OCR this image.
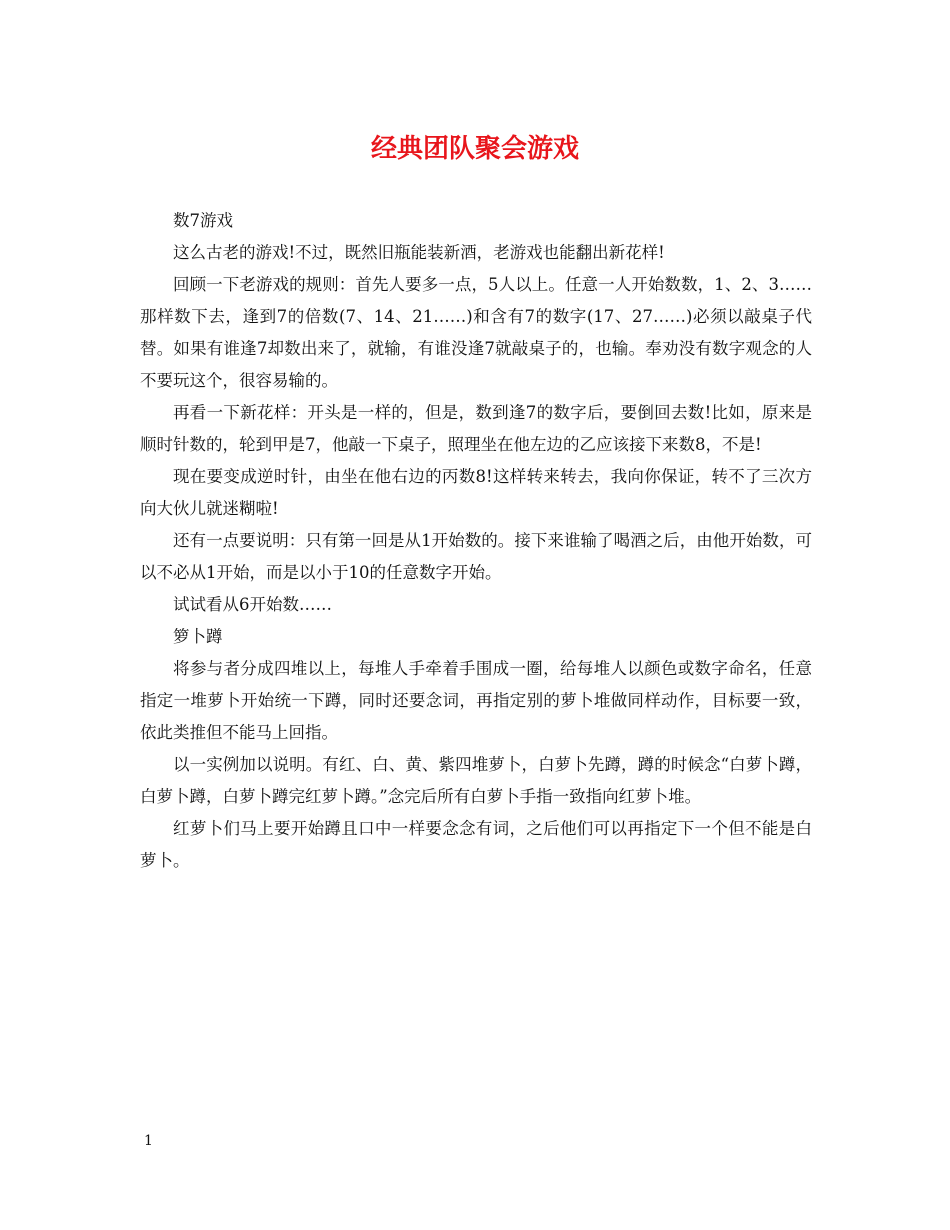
经典团队聚会游戏

数7游戏

这么古老的游戏!不过，既然旧瓶能装新酒，老游戏也能翻出新花样!

回顾一下老游戏的规则：首先人要多一点，5人以上。任意一人开始数数，1、2、3……那样数下去，逢到7的倍数(7、14、21……)和含有7的数字(17、27……)必须以敲桌子代替。如果有谁逢7却数出来了，就输，有谁没逢7就敲桌子的，也输。奉劝没有数字观念的人不要玩这个，很容易输的。

再看一下新花样：开头是一样的，但是，数到逢7的数字后，要倒回去数!比如，原来是顺时针数的，轮到甲是7，他敲一下桌子，照理坐在他左边的乙应该接下来数8，不是!

现在要变成逆时针，由坐在他右边的丙数8!这样转来转去，我向你保证，转不了三次方向大伙儿就迷糊啦!

还有一点要说明：只有第一回是从1开始数的。接下来谁输了喝酒之后，由他开始数，可以不必从1开始，而是以小于10的任意数字开始。

试试看从6开始数……

箩卜蹲

将参与者分成四堆以上，每堆人手牵着手围成一圈，给每堆人以颜色或数字命名，任意指定一堆萝卜开始统一下蹲，同时还要念词，再指定别的萝卜堆做同样动作，目标要一致，依此类推但不能马上回指。

以一实例加以说明。有红、白、黄、紫四堆萝卜，白萝卜先蹲，蹲的时候念“白萝卜蹲，白萝卜蹲，白萝卜蹲完红萝卜蹲。”念完后所有白萝卜手指一致指向红萝卜堆。

红萝卜们马上要开始蹲且口中一样要念念有词，之后他们可以再指定下一个但不能是白萝卜。

1
